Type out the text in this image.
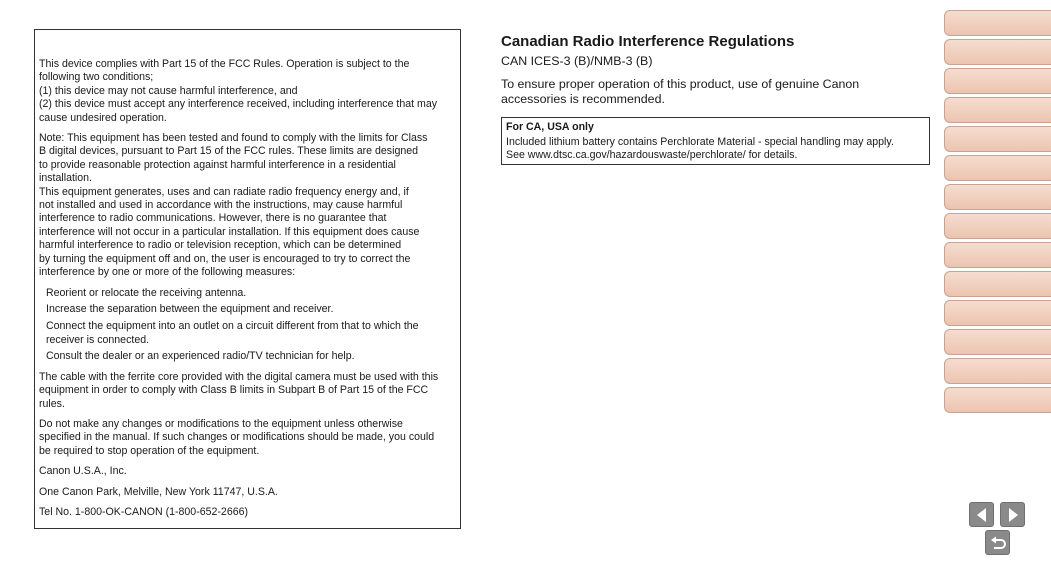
This device complies with Part 15 of the FCC Rules. Operation is subject to the

following two conditions;

(1) this device may not cause harmful interference, and

(2) this device must accept any interference received, including interference that may

cause undesired operation.

Note: This equipment has been tested and found to comply with the limits for Class

B digital devices, pursuant to Part 15 of the FCC rules. These limits are designed

to provide reasonable protection against harmful interference in a residential

installation.

This equipment generates, uses and can radiate radio frequency energy and, if

not installed and used in accordance with the instructions, may cause harmful

interference to radio communications. However, there is no guarantee that

interference will not occur in a particular installation. If this equipment does cause

harmful interference to radio or television reception, which can be determined

by turning the equipment off and on, the user is encouraged to try to correct the

interference by one or more of the following measures:

Reorient or relocate the receiving antenna.
Increase the separation between the equipment and receiver.
Connect the equipment into an outlet on a circuit different from that to which the
receiver is connected.
Consult the dealer or an experienced radio/TV technician for help.

The cable with the ferrite core provided with the digital camera must be used with this

equipment in order to comply with Class B limits in Subpart B of Part 15 of the FCC

rules.

Do not make any changes or modifications to the equipment unless otherwise

specified in the manual. If such changes or modifications should be made, you could

be required to stop operation of the equipment.

Canon U.S.A., Inc.

One Canon Park, Melville, New York 11747, U.S.A.

Tel No. 1-800-OK-CANON (1-800-652-2666)

Canadian Radio Interference Regulations

CAN ICES-3 (B)/NMB-3 (B)

To ensure proper operation of this product, use of genuine Canon
accessories is recommended.

For CA, USA only

Included lithium battery contains Perchlorate Material - special handling may apply.

See www.dtsc.ca.gov/hazardouswaste/perchlorate/ for details.
